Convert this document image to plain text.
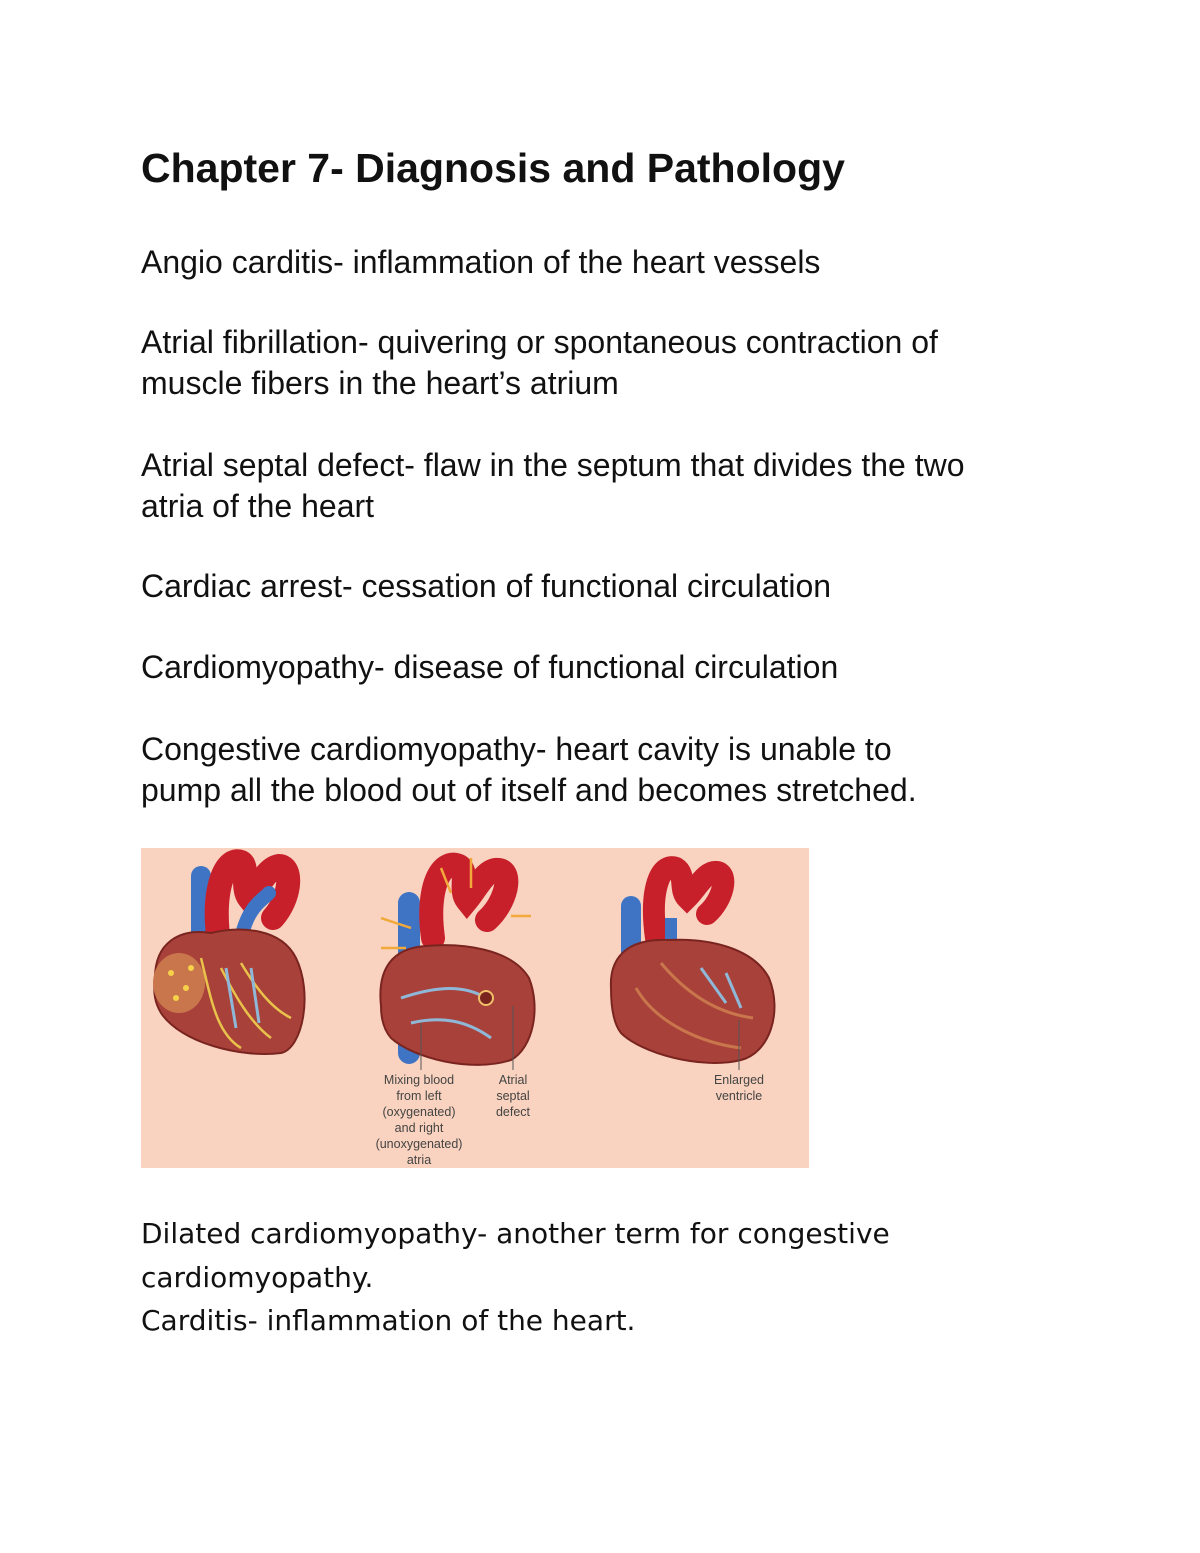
Chapter 7- Diagnosis and Pathology

Angio carditis- inflammation of the heart vessels

Atrial fibrillation- quivering or spontaneous contraction of
muscle fibers in the heart’s atrium

Atrial septal defect- flaw in the septum that divides the two
atria of the heart

Cardiac arrest- cessation of functional circulation

Cardiomyopathy- disease of functional circulation

Congestive cardiomyopathy- heart cavity is unable to
pump all the blood out of itself and becomes stretched.

Mixing blood
from left
(oxygenated)
and right
(unoxygenated)
atria

Atrial
septal
defect

Enlarged
ventricle

Dilated cardiomyopathy- another term for congestive

cardiomyopathy.

Carditis- inflammation of the heart.
